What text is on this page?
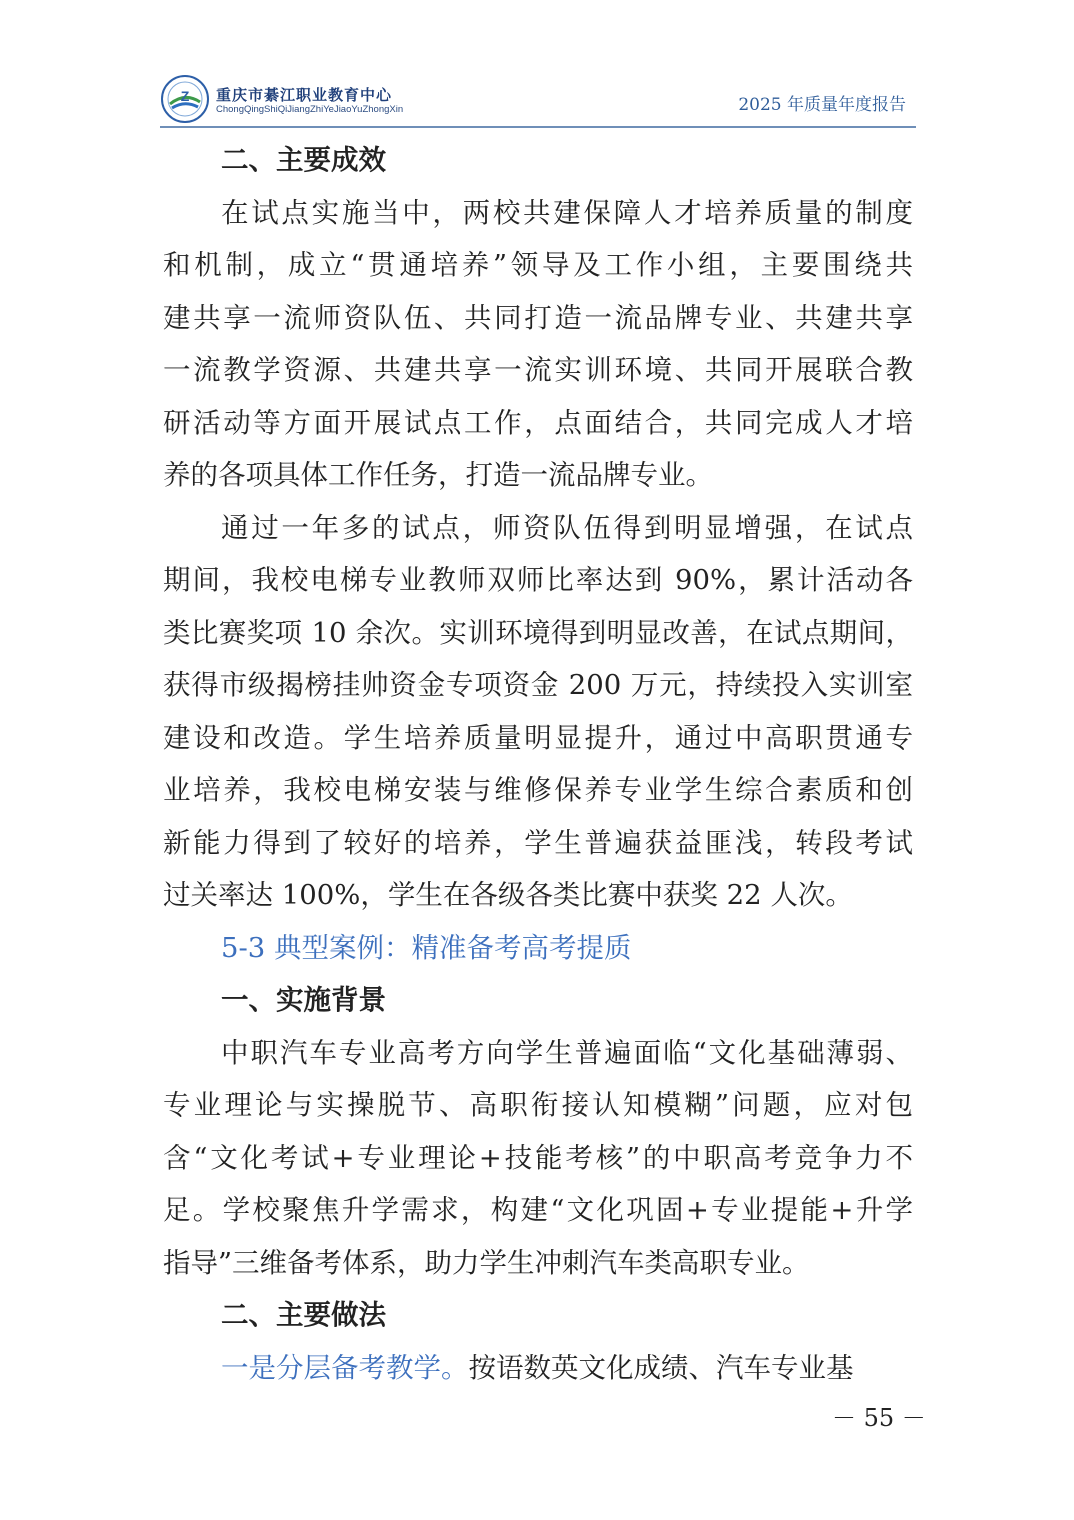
Z 重庆市綦江职业教育中心
ChongQingShiQiJiangZhiYeJiaoYuZhongXin	2025 年质量年度报告
二、主要成效
在试点实施当中，两校共建保障人才培养质量的制度
和机制，成立“贯通培养”领导及工作小组，主要围绕共
建共享一流师资队伍、共同打造一流品牌专业、共建共享
一流教学资源、共建共享一流实训环境、共同开展联合教
研活动等方面开展试点工作，点面结合，共同完成人才培
养的各项具体工作任务，打造一流品牌专业。
通过一年多的试点，师资队伍得到明显增强，在试点
期间，我校电梯专业教师双师比率达到 90%，累计活动各
类比赛奖项 10 余次。实训环境得到明显改善，在试点期间，
获得市级揭榜挂帅资金专项资金 200 万元，持续投入实训室
建设和改造。学生培养质量明显提升，通过中高职贯通专
业培养，我校电梯安装与维修保养专业学生综合素质和创
新能力得到了较好的培养，学生普遍获益匪浅，转段考试
过关率达 100%，学生在各级各类比赛中获奖 22 人次。
5-3 典型案例：精准备考高考提质
一、实施背景
中职汽车专业高考方向学生普遍面临“文化基础薄弱、
专业理论与实操脱节、高职衔接认知模糊”问题，应对包
含“文化考试+专业理论+技能考核”的中职高考竞争力不
足。学校聚焦升学需求，构建“文化巩固+专业提能+升学
指导”三维备考体系，助力学生冲刺汽车类高职专业。
二、主要做法
一是分层备考教学。按语数英文化成绩、汽车专业基
－ 55 －
